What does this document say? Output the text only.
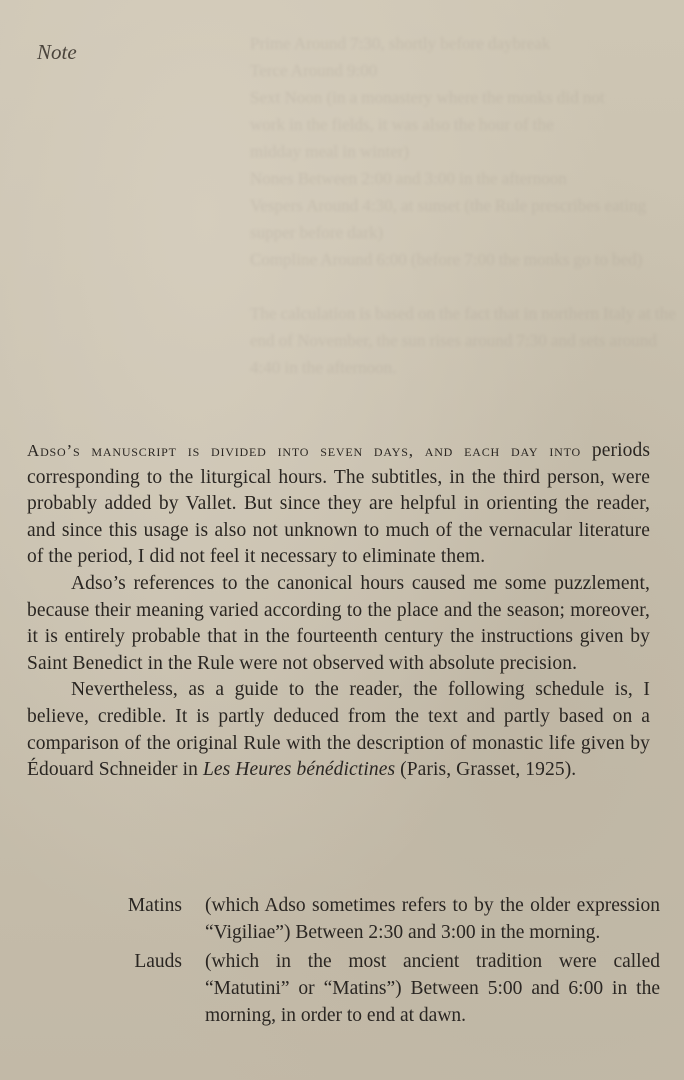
Prime Around 7:30, shortly before daybreak
Terce Around 9:00
Sext Noon (in a monastery where the monks did not
work in the fields, it was also the hour of the
midday meal in winter)
Nones Between 2:00 and 3:00 in the afternoon
Vespers Around 4:30, at sunset (the Rule prescribes eating
supper before dark)
Compline Around 6:00 (before 7:00 the monks go to bed)

The calculation is based on the fact that in northern Italy at the
end of November, the sun rises around 7:30 and sets around
4:40 in the afternoon.
Note

Adso’s manuscript is divided into seven days, and each day into periods corresponding to the liturgical hours. The subtitles, in the third person, were probably added by Vallet. But since they are helpful in orienting the reader, and since this usage is also not unknown to much of the vernacular literature of the period, I did not feel it necessary to eliminate them.

Adso’s references to the canonical hours caused me some puzzlement, because their meaning varied according to the place and the season; moreover, it is entirely probable that in the fourteenth century the instructions given by Saint Benedict in the Rule were not observed with absolute precision.

Nevertheless, as a guide to the reader, the following schedule is, I believe, credible. It is partly deduced from the text and partly based on a comparison of the original Rule with the description of monastic life given by Édouard Schneider in Les Heures bénédictines (Paris, Grasset, 1925).

Matins	(which Adso sometimes refers to by the older expression “Vigiliae”) Between 2:30 and 3:00 in the morning.
Lauds	(which in the most ancient tradition were called “Matutini” or “Matins”) Between 5:00 and 6:00 in the morning, in order to end at dawn.
